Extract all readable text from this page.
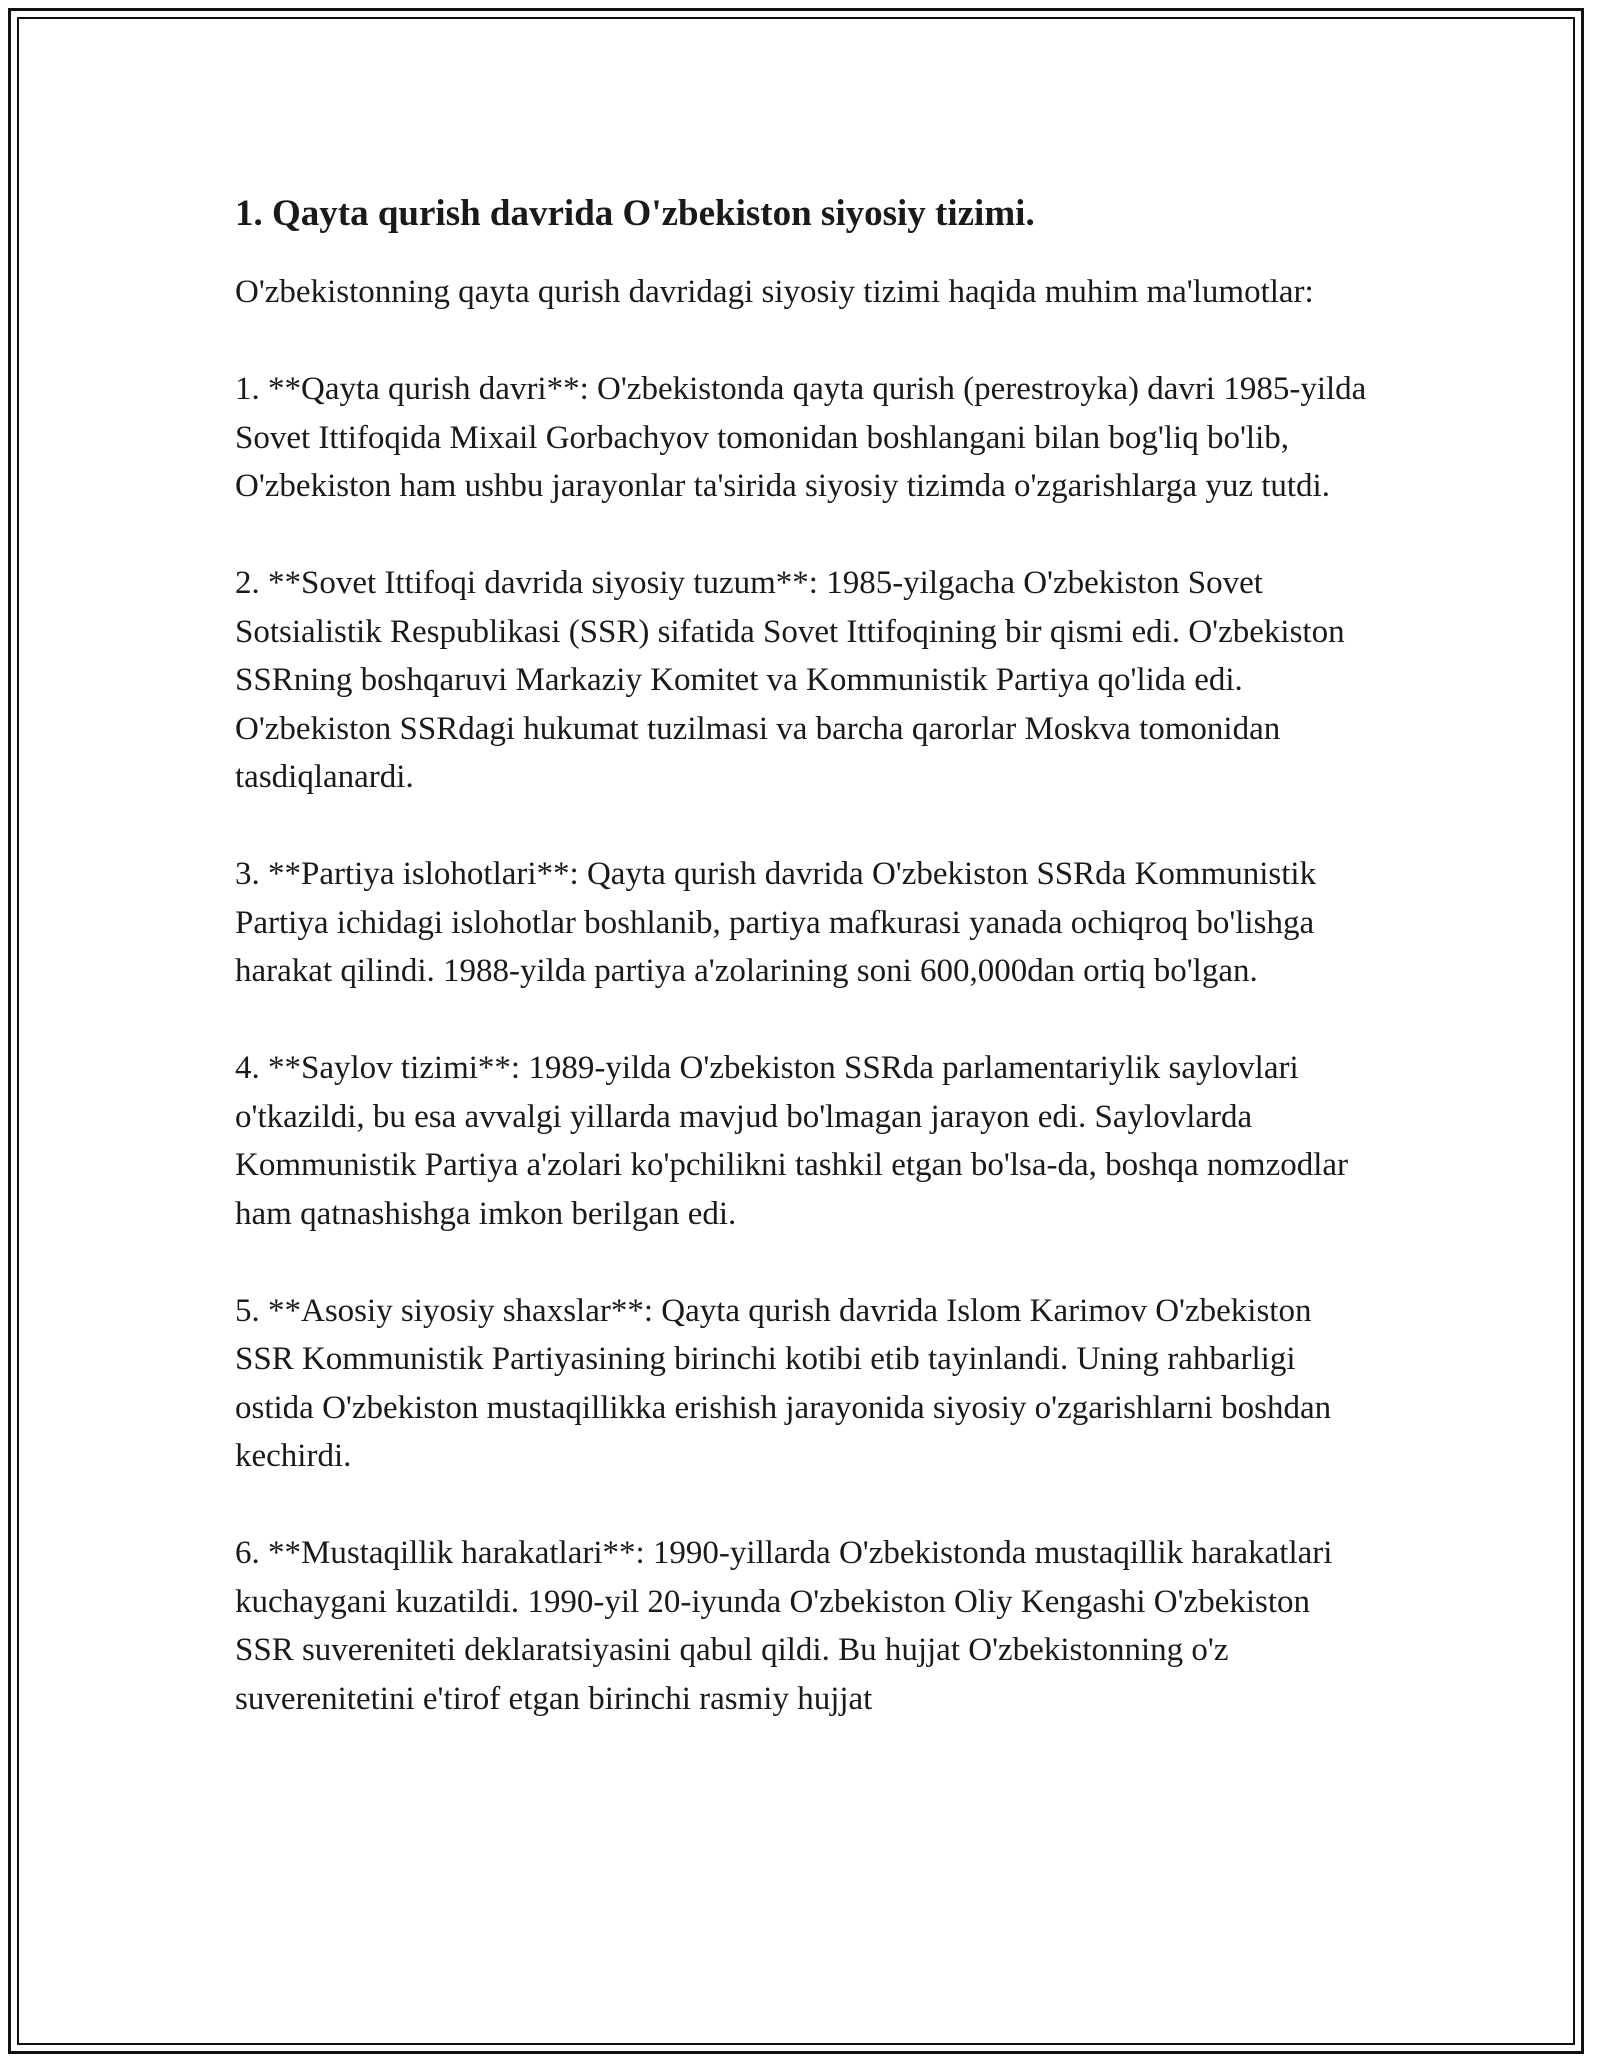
1. Qayta qurish davrida O'zbekiston siyosiy tizimi.

O'zbekistonning qayta qurish davridagi siyosiy tizimi haqida muhim ma'lumotlar:

1. **Qayta qurish davri**: O'zbekistonda qayta qurish (perestroyka) davri 1985-yilda Sovet Ittifoqida Mixail Gorbachyov tomonidan boshlangani bilan bog'liq bo'lib, O'zbekiston ham ushbu jarayonlar ta'sirida siyosiy tizimda o'zgarishlarga yuz tutdi.

2. **Sovet Ittifoqi davrida siyosiy tuzum**: 1985-yilgacha O'zbekiston Sovet Sotsialistik Respublikasi (SSR) sifatida Sovet Ittifoqining bir qismi edi. O'zbekiston SSRning boshqaruvi Markaziy Komitet va Kommunistik Partiya qo'lida edi. O'zbekiston SSRdagi hukumat tuzilmasi va barcha qarorlar Moskva tomonidan tasdiqlanardi.

3. **Partiya islohotlari**: Qayta qurish davrida O'zbekiston SSRda Kommunistik Partiya ichidagi islohotlar boshlanib, partiya mafkurasi yanada ochiqroq bo'lishga harakat qilindi. 1988-yilda partiya a'zolarining soni 600,000dan ortiq bo'lgan.

4. **Saylov tizimi**: 1989-yilda O'zbekiston SSRda parlamentariylik saylovlari o'tkazildi, bu esa avvalgi yillarda mavjud bo'lmagan jarayon edi. Saylovlarda Kommunistik Partiya a'zolari ko'pchilikni tashkil etgan bo'lsa-da, boshqa nomzodlar ham qatnashishga imkon berilgan edi.

5. **Asosiy siyosiy shaxslar**: Qayta qurish davrida Islom Karimov O'zbekiston SSR Kommunistik Partiyasining birinchi kotibi etib tayinlandi. Uning rahbarligi ostida O'zbekiston mustaqillikka erishish jarayonida siyosiy o'zgarishlarni boshdan kechirdi.

6. **Mustaqillik harakatlari**: 1990-yillarda O'zbekistonda mustaqillik harakatlari kuchaygani kuzatildi. 1990-yil 20-iyunda O'zbekiston Oliy Kengashi O'zbekiston SSR suvereniteti deklaratsiyasini qabul qildi. Bu hujjat O'zbekistonning o'z suverenitetini e'tirof etgan birinchi rasmiy hujjat
